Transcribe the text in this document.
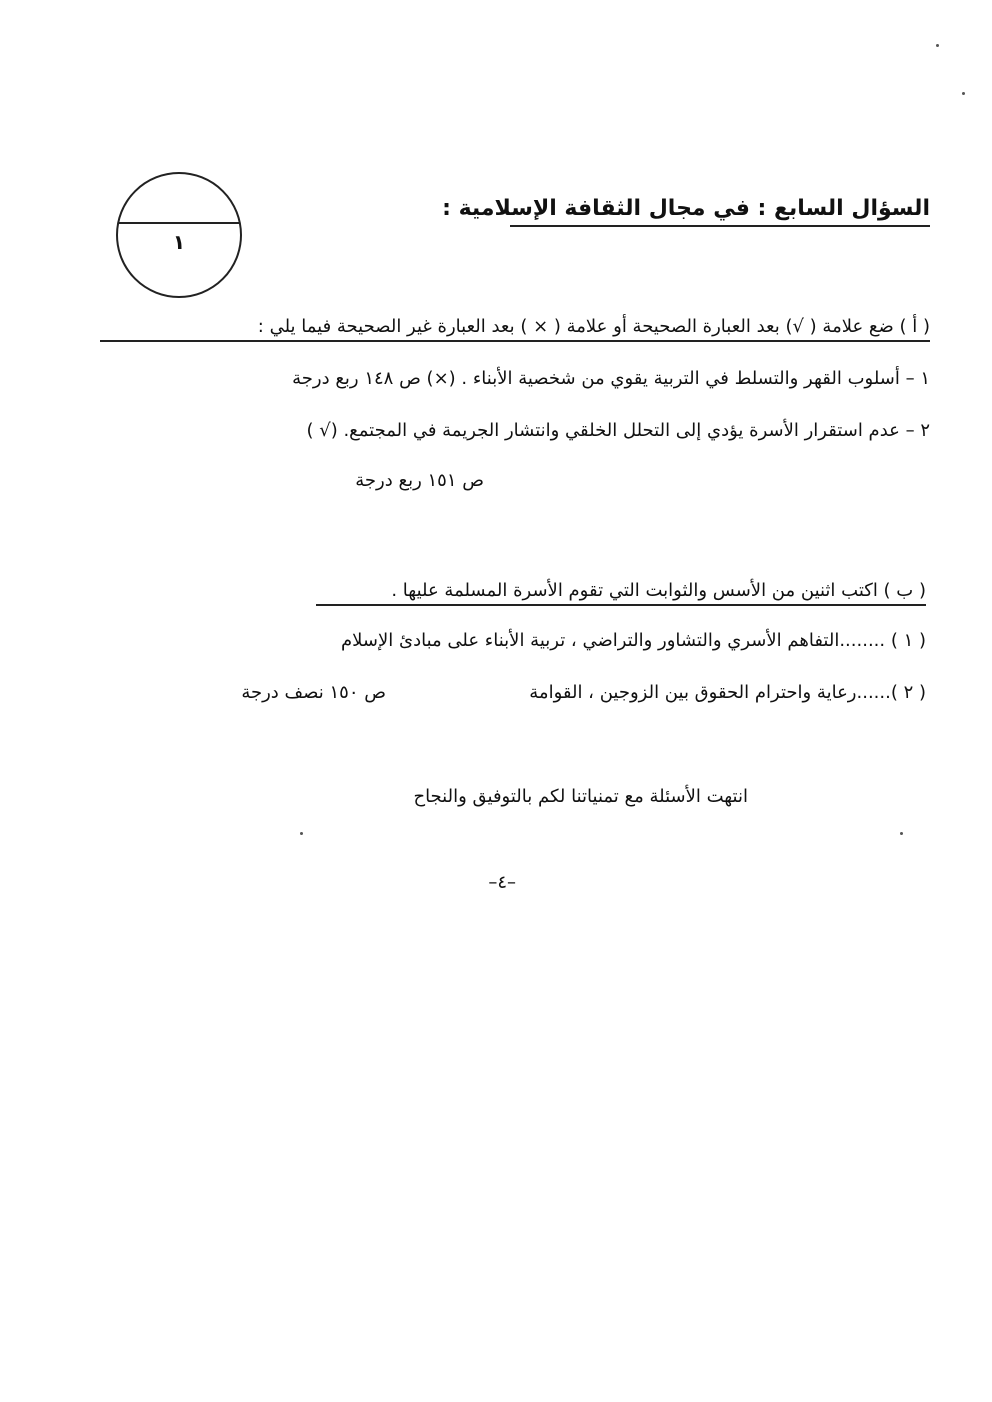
السؤال السابع : في مجال الثقافة الإسلامية :
١
( أ ) ضع علامة ( √) بعد العبارة الصحيحة أو علامة ( × ) بعد العبارة غير الصحيحة فيما يلي :
١ – أسلوب القهر والتسلط في التربية يقوي من شخصية الأبناء . (×) ص ١٤٨ ربع درجة
٢ – عدم استقرار الأسرة يؤدي إلى التحلل الخلقي وانتشار الجريمة في المجتمع. (√ )
ص ١٥١ ربع درجة
( ب ) اكتب اثنين من الأسس والثوابت التي تقوم الأسرة المسلمة عليها .
( ١ ) ........التفاهم الأسري والتشاور والتراضي ، تربية الأبناء على مبادئ الإسلام
( ٢ )......رعاية واحترام الحقوق بين الزوجين ، القوامة
ص ١٥٠ نصف درجة
انتهت الأسئلة مع تمنياتنا لكم بالتوفيق والنجاح
–٤–
